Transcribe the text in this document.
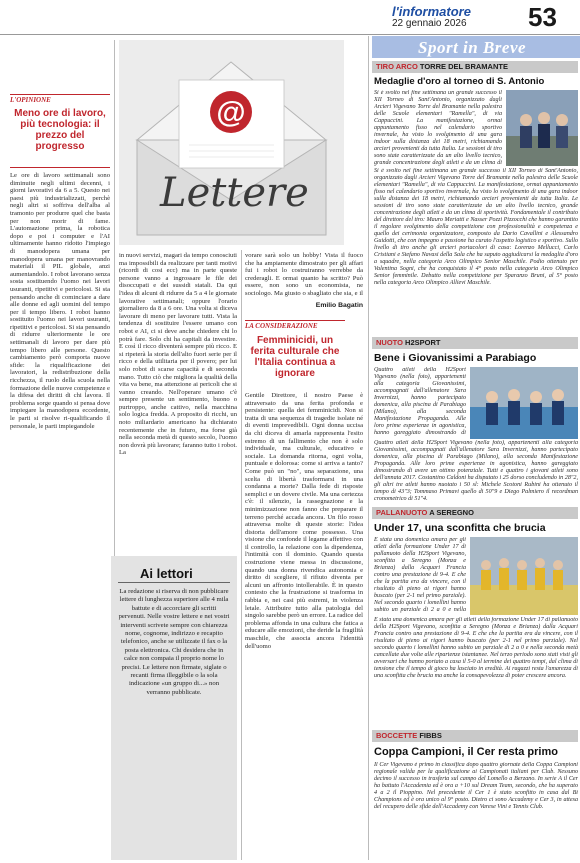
l'informatore
22 gennaio 2026 53
L'OPINIONE
Meno ore di lavoro, più tecnologia: il prezzo del progresso

Le ore di lavoro settimanali sono diminuite negli ultimi decenni, i giorni lavorativi da 6 a 5. Questo nei paesi più industrializzati, perchè negli altri si soffriva dell'alba al tramonto per produrre quel che basta per non morir di fame. L'automazione prima, la robotica dopo e poi i computer e l'AI ultimamente hanno ridotto l'impiego di manodopera umana per manodopera umana per manovrando materiali il PIL globale, anzi aumentandolo. I robot lavorano senza sosta sostituendo l'uomo nei lavori usuranti, ripetitivi e pericolosi. Si sta pensando anche di cominciare a dare alle donne ed agli uomini del tempo per il tempo libero. I robot hanno sostituito l'uomo nei lavori usuranti, ripetitivi e pericolosi. Si sta pensando di ridurre ulteriormente le ore settimanali di lavoro per dare più tempo libero alle persone. Questo cambiamento però comporta nuove sfide: la riqualificazione dei lavoratori, la redistribuzione della ricchezza, il ruolo della scuola nella formazione delle nuove competenze e la difesa dei diritti di chi lavora. Il problema sorge quando si pensa dove impiegare la manodopera eccedente, le parti si risolve ri-qualificando il personale, le parti impiegandole

@
Lettere

in nuovi servizi, magari da tempo conosciuti ma impossibili da realizzare per tanti motivi (ricordi di cosi ecc) ma in parte queste persone vanno a ingrossare le file dei disoccupati e dei sussidi statali. Da qui l'idea di alcuni di ridurre da 5 a 4 le giornate lavorative settimanali; oppure l'orario giornaliero da 8 a 6 ore. Una volta si diceva lavorare di meno per lavorare tutti. Vista la tendenza di sostituire l'essere umano con robot e AI, ci si deve anche chiedere chi lo potrà fare. Solo chi ha capitali da investire. E così il ricco diventerà sempre più ricco. E si ripeterà la storia dell'alto fuori serie per il ricco e della utilitaria per il povero; per lui solo robot di scarse capacità e di seconda mano. Tutto ciò che migliora la qualità della vita va bene, ma attenzione ai pericoli che si vanno creando. Nell'operare umano c'è sempre presente un sentimento, buono o purtroppo, anche cattivo, nella macchina solo logica fredda. A proposito di ricchi, un noto miliardario americano ha dichiarato recentemente che in futuro, ma forse già nella seconda metà di questo secolo, l'uomo non dovrà più lavorare; faranno tutto i robot. La

Ai lettori
La redazione si riserva di non pubblicare lettere di lunghezza superiore alle 4 mila battute e di accorciare gli scritti pervenuti. Nelle vostre lettere e nei vostri interventi scrivete sempre con chiarezza nome, cognome, indirizzo e recapito telefonico, anche se utilizzate il fax o la posta elettronica. Chi desidera che in calce non compaia il proprio nome lo precisi. Le lettere non firmate, siglate o recanti firma illeggibile o la sola indicazione «un gruppo di...» non verranno pubblicate.

vorare sarà solo un hobby! Vista il fuoco che ha ampiamente dimostrato per gli affari fui i robot lo costruiranno verrebbe da crederagli. E ormai quanto ha scritto? Può essere, non sono un economista, ne sociologo. Ma giusto o sbagliato che sia, e il

Emilio Bagatin
LA CONSIDERAZIONE
Femminicidi, un ferita culturale che l'Italia continua a ignorare

Gentile Direttore, il nostro Paese è attraversato da una ferita profonda e persistente: quella dei femminicidi. Non si tratta di una sequenza di tragedie isolate né di eventi imprevedibili. Ogni donna uccisa da chi diceva di amarla rappresenta l'esito estremo di un fallimento che non è solo individuale, ma culturale, educativo e sociale. La domanda ritorna, ogni volta, puntuale e dolorosa: come si arriva a tanto? Come può un "no", una separazione, una scelta di libertà trasformarsi in una condanna a morte? Dalla fede di risposte semplici e un dovere civile. Ma una certezza c'è: il silenzio, la rassegnazione e la minimizzazione non fanno che preparare il terreno perché accada ancora. Un filo rosso attraversa molte di queste storie: l'idea distorta dell'amore come possesso. Una visione che confonde il legame affettivo con il controllo, la relazione con la dipendenza, l'intimità con il dominio. Quando questa costruzione viene messa in discussione, quando una donna rivendica autonomia e diritto di scegliere, il rifiuto diventa per alcuni un affronto intollerabile. È in questo contesto che la frustrazione si trasforma in rabbia e, nei casi più estremi, in violenza letale. Attribuire tutto alla patologia del singolo sarebbe però un errore. La radice del problema affonda in una cultura che fatica a educare alle emozioni, che deride la fragilità maschile, che associa ancora l'identità dell'uomo

Sport in Breve
TIRO ARCO TORRE DEL BRAMANTE
Medaglie d'oro al torneo di S. Antonio

Si è svolto nel fine settimana un grande successo il XII Torneo di Sant'Antonio, organizzato dagli Arcieri Vigevano Torre del Bramante nella palestra delle Scuole elementari "Ramella", di via Cappuccini. La manifestazione, ormai appuntamento fisso nel calendario sportivo invernale, ha visto lo svolgimento di una gara indoor sulla distanza dei 18 metri, richiamando arcieri provenienti da tutta Italia. Le sessioni di tiro sono state caratterizzate da un alto livello tecnico, grande concentrazione degli atleti e da un clima di

Si è svolto nel fine settimana un grande successo il XII Torneo di Sant'Antonio, organizzato dagli Arcieri Vigevano Torre del Bramante nella palestra delle Scuole elementari "Ramella", di via Cappuccini. La manifestazione, ormai appuntamento fisso nel calendario sportivo invernale, ha visto lo svolgimento di una gara indoor sulla distanza dei 18 metri, richiamando arcieri provenienti da tutta Italia. Le sessioni di tiro sono state caratterizzate da un alto livello tecnico, grande concentrazione degli atleti e da un clima di sportività. Fondamentale il contributo del direttore del tiro: Mauro Meriatti e Nasser Pozzi Pizzocchi che hanno garantito il regolare svolgimento della competizione con professionalità e competenza e quello dei cerimonia organizzatore, composto da Dario Cavallini e Alessandro Guidotti, che con impegno e passione ha curato l'aspetto logistico e sportivo. Sullo livello di tiro anche gli arcieri portacolori di casa: Lorenzo Mellucci, Carlo Cristiani e Stefano Navasi della Sala che ha saputo aggiudicarsi la medaglia d'oro a squadre, nella categoria Arco Olimpico Senior Maschile. Podio ottenuto per Valentina Sogni, che ha conquistato il 4° posto nella categoria Arco Olimpico Senior femminile. Debutto nella competizione per Sparanzo Bruni, al 5° posto nella categoria Arco Olimpico Allievi Maschile.

NUOTO H2SPORT
Bene i Giovanissimi a Parabiago

Quattro atleti della H2Sport Vigevano (nella foto), appartenenti alla categoria Giovanissimi, accompagnati dall'allenatore Sara Invernizzi, hanno partecipato domenica, alla piscina di Parabiago (Milano), alla seconda Manifestazione Propaganda. Alle loro prime esperienze in agonistica, hanno gareggiato dimostrando di

Quattro atleti della H2Sport Vigevano (nella foto), appartenenti alla categoria Giovanissimi, accompagnati dall'allenatore Sara Invernizzi, hanno partecipato domenica, alla piscina di Parabiago (Milano), alla seconda Manifestazione Propaganda. Alle loro prime esperienze in agonistica, hanno gareggiato dimostrando di avere un ottimo potenziale. Tutti e quattro i giovani atleti sono dell'annata 2017. Costantino Caldoni ha disputato i 25 dorso concludendo in 28"2, gli altri tre atleti hanno nuotato i 50 sl: Michele Scotoni Rubini ha ottenuto il tempo di 43"3; Tommaso Primavi quello di 50"9 e Diego Palmiero il recordman cronometrico di 51"4.

PALLANUOTO A SEREGNO
Under 17, una sconfitta che brucia

È stata una domenica amara per gli atleti della formazione Under 17 di pallanuoto della H2Sport Vigevano, sconfitta a Seregno (Monza e Brianza) dalla Acquari Francia contro una prestazione di 9-4. E che che la partita era da vincere, con il risultato di pieno ai rigori hanno buscato (per 2-1 nel primo parziale). Nel secondo quarto i lomellini hanno subito un parziale di 2 a 0 e nella

È stata una domenica amara per gli atleti della formazione Under 17 di pallanuoto della H2Sport Vigevano, sconfitta a Seregno (Monza e Brianza) dalla Acquari Francia contro una prestazione di 9-4. E che che la partita era da vincere, con il risultato di pieno ai rigori hanno buscato (per 2-1 nel primo parziale). Nel secondo quarto i lomellini hanno subito un parziale di 2 a 0 e nella seconda metà cancellate due volte alle ripartenze istantanee. Nel terzo periodo sono stati visti gli avversari che hanno portato a casa il 5-0 al termine dei quattro tempi, dal clima di tensione che il tempo di gioco ha lasciato in eredità. Ai ragazzi resta l'amarezza di una sconfitta che brucia ma anche la consapevolezza di poter crescere ancora.

BOCCETTE FIBBS
Coppa Campioni, il Cer resta primo

Il Cer Vigevano è primo in classifica dopo quattro giornate della Coppa Campioni regionale valida per la qualificazione ai Campionati italiani per Club. Nessuno decimo il successo in trasferta sul campo del Lomello a Berzano. In serie A il Cer ha battuto l'Accademia ed è ora a +10 sul Dream Team, secondo, che ha superato 4 a 2 il Pioppino. Nel precedente il Cer 1 è stato sconfitto in casa dal Bi Champions ed è ora unico al 9° posto. Dietro ci sono Accademy e Cer 3, in attesa del recupero delle sfide dell'Accademy con Varese Vini e Tennis Club.
